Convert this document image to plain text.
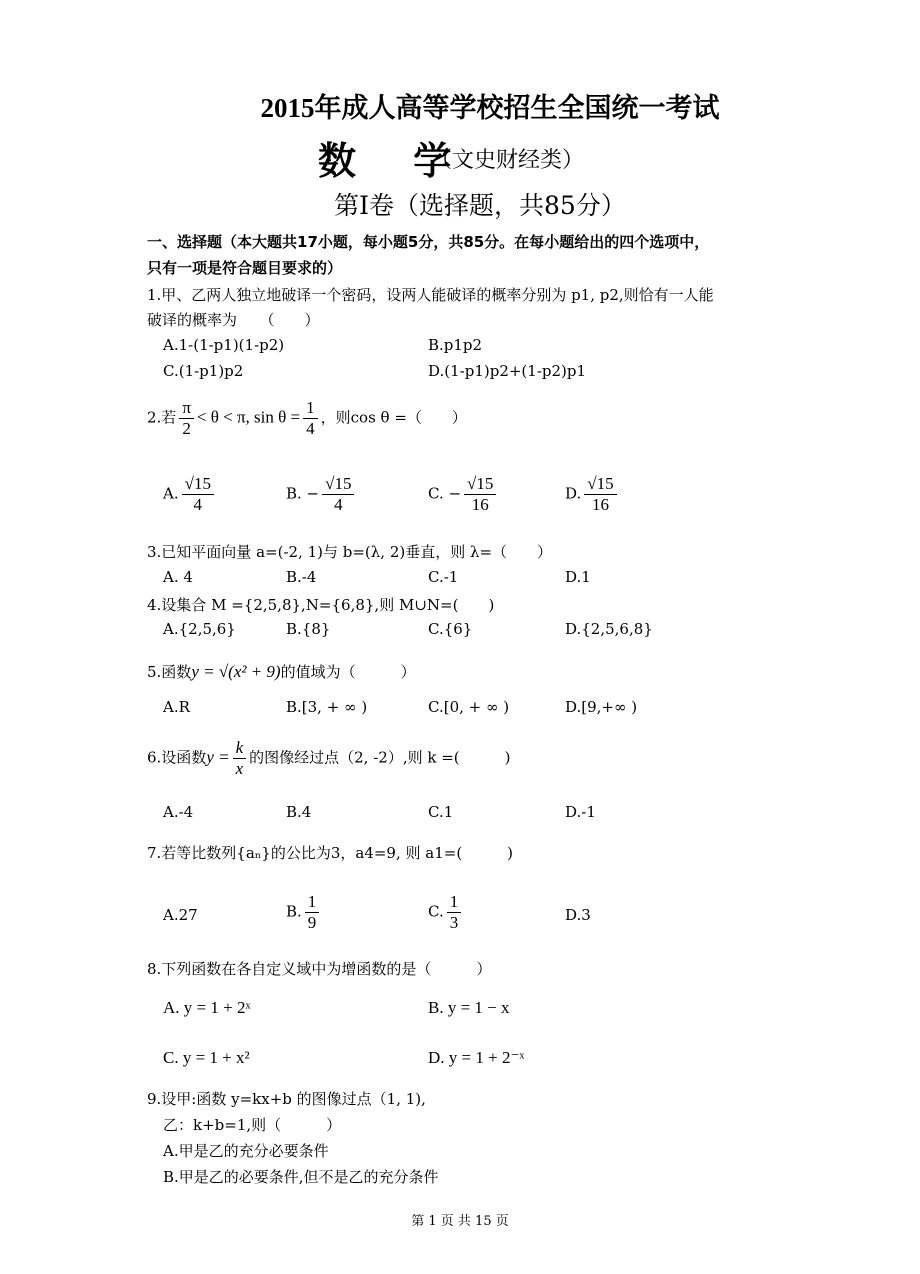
2015年成人高等学校招生全国统一考试
数 学
（文史财经类）
第Ⅰ卷（选择题，共85分）
一、选择题（本大题共17小题，每小题5分，共85分。在每小题给出的四个选项中，
只有一项是符合题目要求的）
1.甲、乙两人独立地破译一个密码，设两人能破译的概率分别为 p1, p2,则恰有一人能
破译的概率为　　（　　）
A.1-(1-p1)(1-p2)	B.p1p2
C.(1-p1)p2	D.(1-p1)p2+(1-p2)p1
2.若 $\frac{\pi}{2} < \theta < \pi$, $\sin \theta = \frac{1}{4}$ ，则cos θ =（　　）
A. $\frac{√15}{4}$	B. − $\frac{√15}{4}$	C. − $\frac{√15}{16}$	D. $\frac{√15}{16}$
3.已知平面向量 a=(-2, 1)与 b=(λ, 2)垂直，则 λ=（　　）
A. 4	B.-4	C.-1	D.1
4.设集合 M ={2,5,8},N={6,8},则 M∪N=(　　)
A.{2,5,6}	B.{8}	C.{6}	D.{2,5,6,8}
5.函数y = √(x² + 9)的值域为（　　　）
A.R	B.[3, + ∞ )	C.[0, + ∞ )	D.[9,+∞ )
6.设函数$y = \frac{k}{x}$ 的图像经过点（2, -2）,则 k =(　　　)
A.-4	B.4	C.1	D.-1
7.若等比数列{aₙ}的公比为3，a4=9, 则 a1=(　　　)
A.27	B. $\frac{1}{9}$	C. $\frac{1}{3}$	D.3
8.下列函数在各自定义域中为增函数的是（　　　）
A. y = 1 + 2ˣ	B. y = 1 − x
C. y = 1 + x²	D. y = 1 + 2⁻ˣ
9.设甲:函数 y=kx+b 的图像过点（1, 1),
乙：k+b=1,则（　　　）
A.甲是乙的充分必要条件
B.甲是乙的必要条件,但不是乙的充分条件
第 1 页 共 15 页
